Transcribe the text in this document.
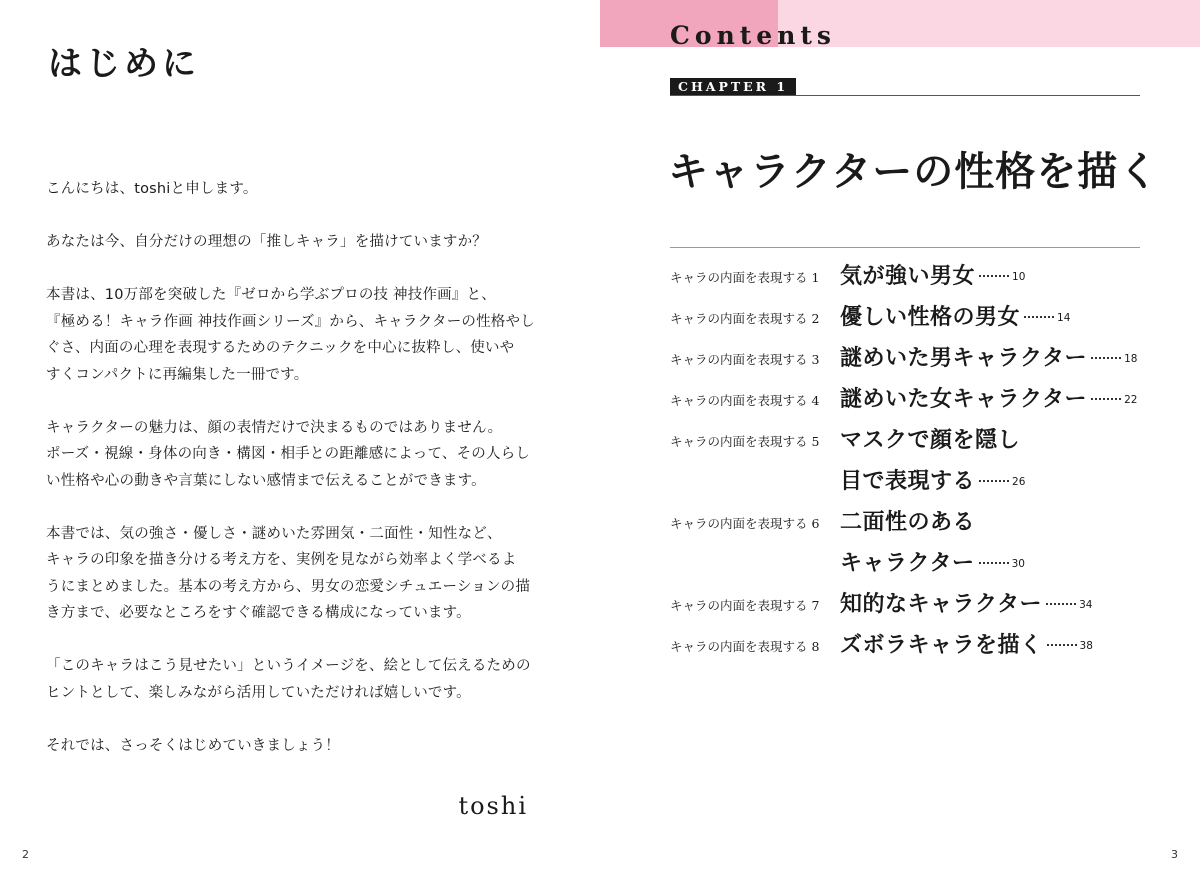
はじめに

こんにちは、toshiと申します。

あなたは今、自分だけの理想の「推しキャラ」を描けていますか？

本書は、10万部を突破した『ゼロから学ぶプロの技 神技作画』と、
『極める！キャラ作画 神技作画シリーズ』から、キャラクターの性格やし
ぐさ、内面の心理を表現するためのテクニックを中心に抜粋し、使いや
すくコンパクトに再編集した一冊です。

キャラクターの魅力は、顔の表情だけで決まるものではありません。
ポーズ・視線・身体の向き・構図・相手との距離感によって、その人らし
い性格や心の動きや言葉にしない感情まで伝えることができます。

本書では、気の強さ・優しさ・謎めいた雰囲気・二面性・知性など、
キャラの印象を描き分ける考え方を、実例を見ながら効率よく学べるよ
うにまとめました。基本の考え方から、男女の恋愛シチュエーションの描
き方まで、必要なところをすぐ確認できる構成になっています。

「このキャラはこう見せたい」というイメージを、絵として伝えるための
ヒントとして、楽しみながら活用していただければ嬉しいです。

それでは、さっそくはじめていきましょう！

toshi

2

Contents
CHAPTER 1
キャラクターの性格を描く
キャラの内面を表現する 1 気が強い男女	10
キャラの内面を表現する 2 優しい性格の男女	14
キャラの内面を表現する 3 謎めいた男キャラクター	18
キャラの内面を表現する 4 謎めいた女キャラクター	22
キャラの内面を表現する 5 マスクで顔を隠し
目で表現する	26
キャラの内面を表現する 6 二面性のある
キャラクター	30
キャラの内面を表現する 7 知的なキャラクター	34
キャラの内面を表現する 8 ズボラキャラを描く	38

3
